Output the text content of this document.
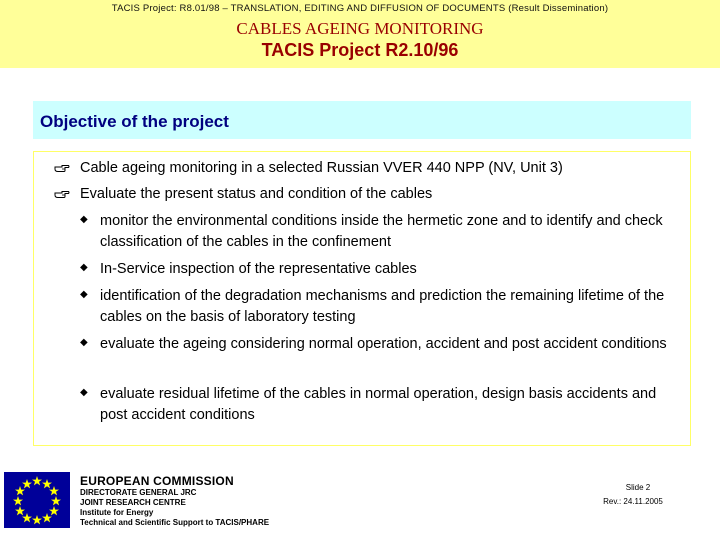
TACIS Project: R8.01/98 – TRANSLATION, EDITING AND DIFFUSION OF DOCUMENTS (Result Dissemination)
CABLES AGEING MONITORING
TACIS Project R2.10/96
Objective of the project
Cable ageing monitoring in a selected Russian VVER 440 NPP (NV, Unit 3)
Evaluate the present status and condition of the cables
◆ monitor the environmental conditions inside the hermetic zone and to identify and check classification of the cables in the confinement
◆ In-Service inspection of the representative cables
◆ identification of the degradation mechanisms and prediction the remaining lifetime of the cables on the basis of laboratory testing
◆ evaluate the ageing considering normal operation, accident and post accident conditions
◆ evaluate residual lifetime of the cables in normal operation, design basis accidents and post accident conditions
EUROPEAN COMMISSION
DIRECTORATE GENERAL JRC
JOINT RESEARCH CENTRE
Institute for Energy
Technical and Scientific Support to TACIS/PHARE
Slide 2
Rev.: 24.11.2005
